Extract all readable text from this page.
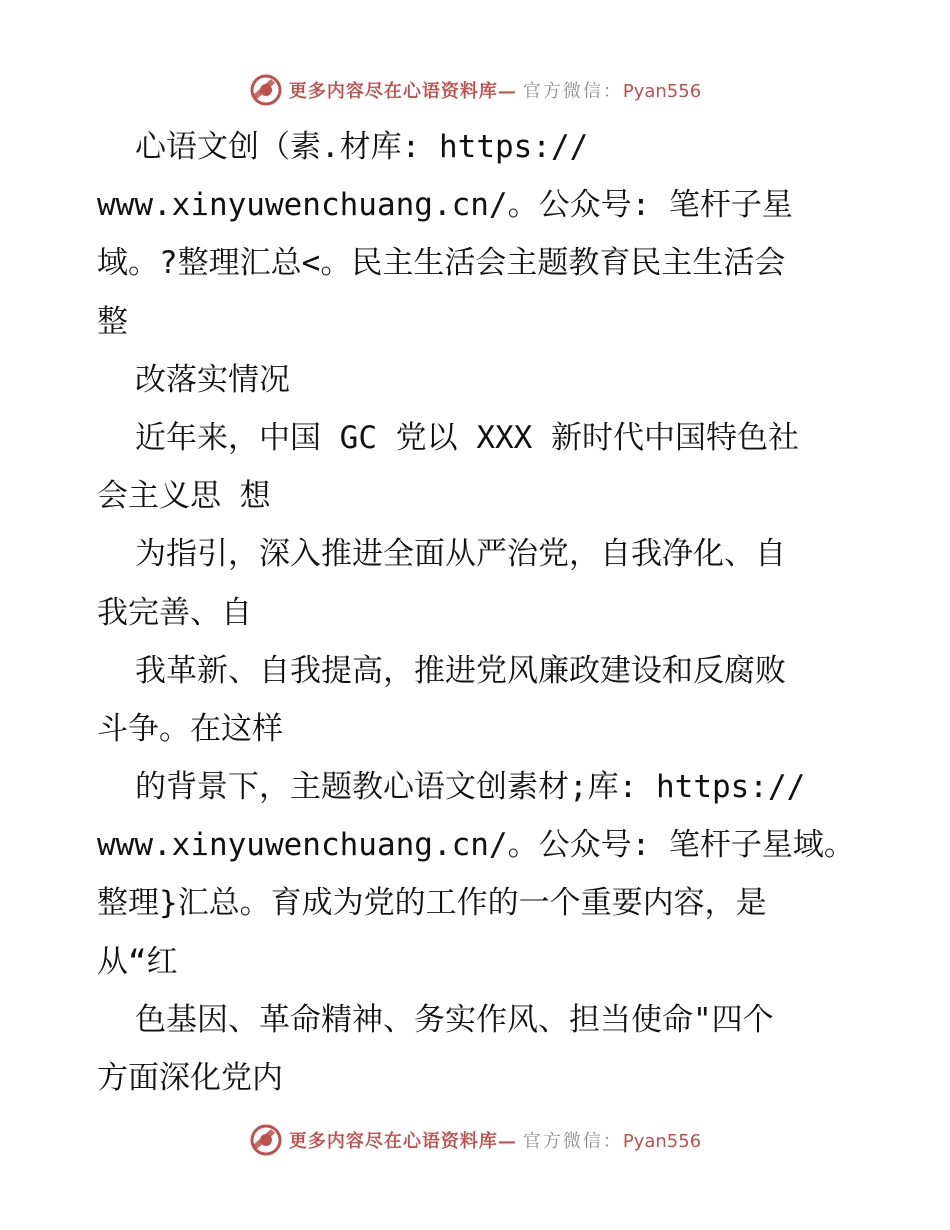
更多内容尽在心语资料库— 官方微信：Pyan556
心语文创（素.材库: https://
www.xinyuwenchuang.cn/。公众号: 笔杆子星
域。?整理汇总<。民主生活会主题教育民主生活会
整
改落实情况
近年来，中国 GC 党以 XXX 新时代中国特色社
会主义思 想
为指引，深入推进全面从严治党，自我净化、自
我完善、自
我革新、自我提高，推进党风廉政建设和反腐败
斗争。在这样
的背景下，主题教心语文创素材;库: https://
www.xinyuwenchuang.cn/。公众号: 笔杆子星域。
整理}汇总。育成为党的工作的一个重要内容，是
从“红
色基因、革命精神、务实作风、担当使命"四个
方面深化党内
更多内容尽在心语资料库— 官方微信：Pyan556
